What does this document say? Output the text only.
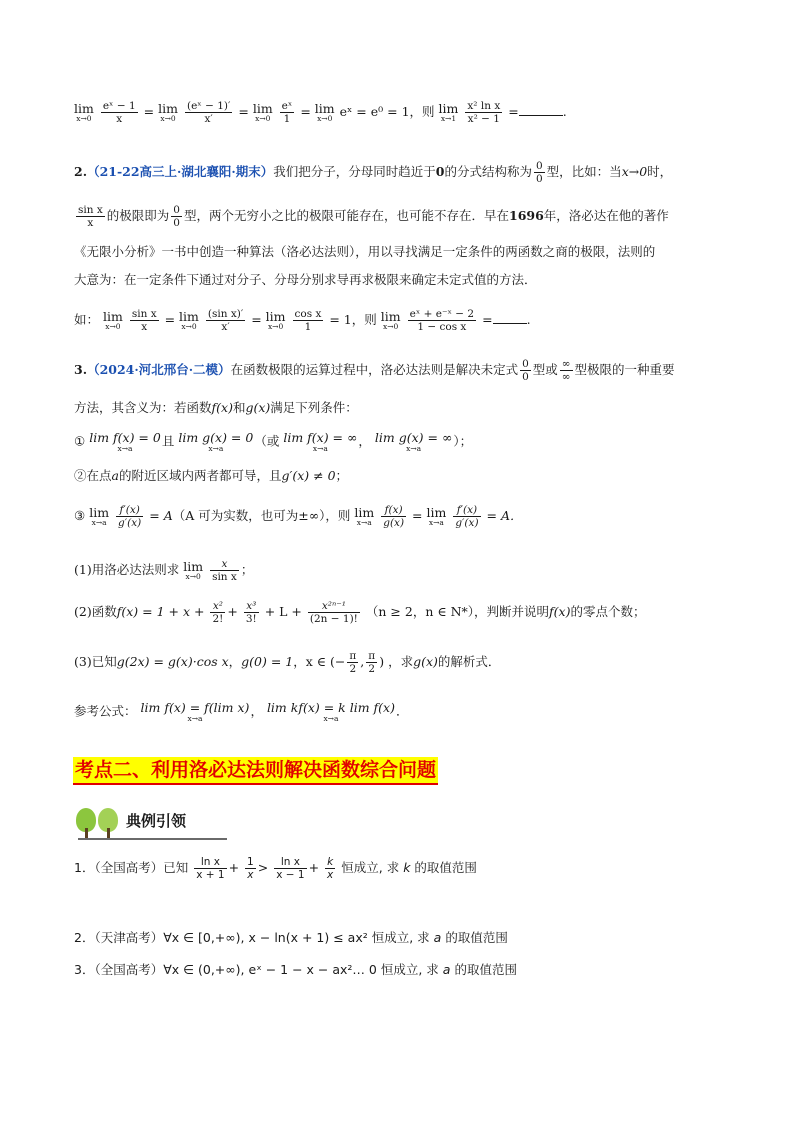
lim
x→0
$\frac{\text{eˣ − 1}}{x} = \lim$
x→0
$\frac{\text{(eˣ − 1)′}}{x'} = \lim$
x→0
$\frac{\text{eˣ}}{1} = \lim$
x→0 eˣ = e⁰ = 1，则 lim
x→1
$\frac{\text{x² ln x}}{\text{x² − 1}}$ =	.
2.（21-22高三上·湖北襄阳·期末）我们把分子，分母同时趋近于0的分式结构称为 $\frac{0}{0}$ 型，比如：当x→0时，
$\frac{\text{sin x}}{x}$ 的极限即为 $\frac{0}{0}$ 型，两个无穷小之比的极限可能存在，也可能不存在．早在1696年，洛必达在他的著作
《无限小分析》一书中创造一种算法（洛必达法则），用以寻找满足一定条件的两函数之商的极限，法则的
大意为：在一定条件下通过对分子、分母分别求导再求极限来确定未定式值的方法．
如： lim
x→0
$\frac{\text{sin x}}{x} = \lim$
x→0
$\frac{\text{(sin x)′}}{x'} = \lim$
x→0
$\frac{\text{cos x}}{1} = 1$，则 lim
x→0
$\frac{\text{eˣ + e⁻ˣ − 2}}{\text{1 − cos x}}$ =	.
3.（2024·河北邢台·二模）在函数极限的运算过程中，洛必达法则是解决未定式 $\frac{0}{0}$ 型或 $\frac{\infty}{\infty}$ 型极限的一种重要
方法，其含义为：若函数f(x)和g(x)满足下列条件：
① lim f(x) = 0
x→a	且 lim g(x) = 0
x→a	（或 lim f(x) = ∞
x→a	， lim g(x) = ∞
x→a	）；
②在点a的附近区域内两者都可导，且g′(x) ≠ 0；
③ lim
x→a
$\frac{f'(x)}{g'(x)} = A(A$ 可为实数，也可为±∞），则 lim
x→a
$\frac{f(x)}{g(x)} = \lim$
x→a
$\frac{f'(x)}{g'(x)} = A$．
(1)用洛必达法则求 lim
x→0
$\frac{x}{\text{sin x}}$ ；
(2)函数$f(x) = 1 + x + \frac{\text{x²}}{2!} + \frac{\text{x³}}{3!} + L + \frac{\text{x²ⁿ⁻¹}}{(2n - 1)!} (n \ge 2$，n ∈ N*），判断并说明f(x)的零点个数；
(3)已知g(2x) = g(x)·cos x，g(0) = 1，x ∈ (− $\frac{\pi}{2}$ , $\frac{\pi}{2}$ ) ，求g(x)的解析式．
参考公式： lim f(x) = f(lim x)
x→a	， lim kf(x) = k lim f(x)
x→a	．
考点二、利用洛必达法则解决函数综合问题
典例引领
1．（全国高考）已知 $\frac{\text{ln x}}{x + 1} + \frac{1}{x} > \frac{\text{ln x}}{x - 1} + \frac{k}{x}$ 恒成立, 求 k 的取值范围
2．（天津高考）∀x ∈ [0,+∞), x − ln(x + 1) ≤ ax² 恒成立, 求 a 的取值范围
3．（全国高考）∀x ∈ (0,+∞), eˣ − 1 − x − ax²… 0 恒成立, 求 a 的取值范围
